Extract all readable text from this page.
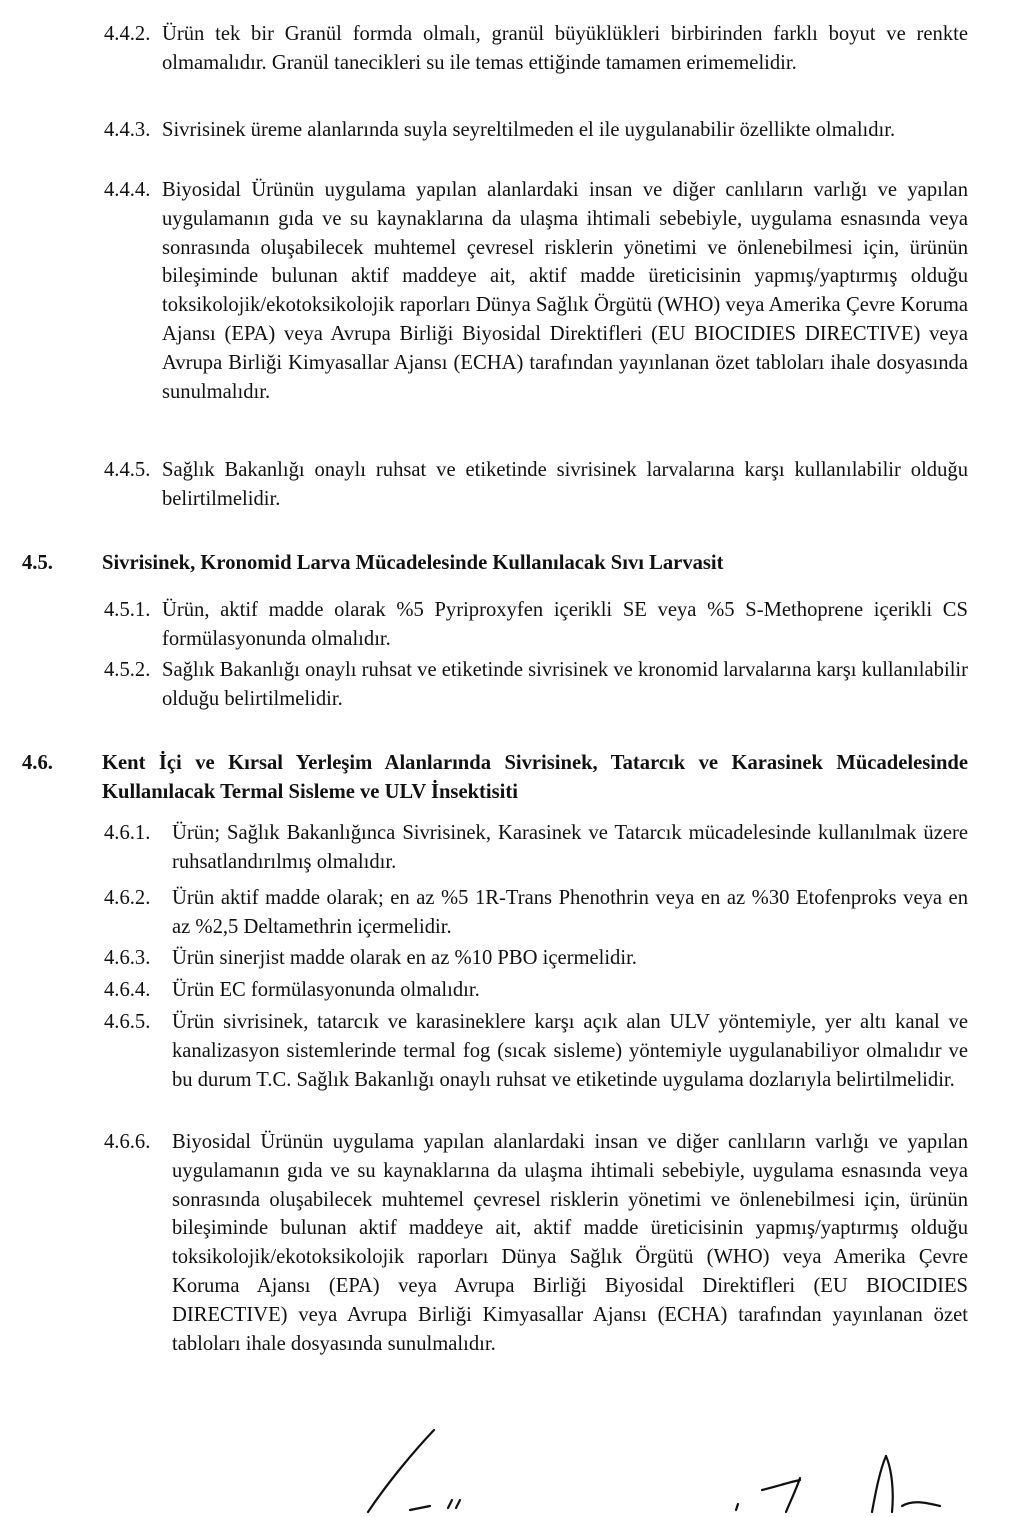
4.4.2. Ürün tek bir Granül formda olmalı, granül büyüklükleri birbirinden farklı boyut ve renkte olmamalıdır. Granül tanecikleri su ile temas ettiğinde tamamen erimemelidir.

4.4.3. Sivrisinek üreme alanlarında suyla seyreltilmeden el ile uygulanabilir özellikte olmalıdır.

4.4.4. Biyosidal Ürünün uygulama yapılan alanlardaki insan ve diğer canlıların varlığı ve yapılan uygulamanın gıda ve su kaynaklarına da ulaşma ihtimali sebebiyle, uygulama esnasında veya sonrasında oluşabilecek muhtemel çevresel risklerin yönetimi ve önlenebilmesi için, ürünün bileşiminde bulunan aktif maddeye ait, aktif madde üreticisinin yapmış/yaptırmış olduğu toksikolojik/ekotoksikolojik raporları Dünya Sağlık Örgütü (WHO) veya Amerika Çevre Koruma Ajansı (EPA) veya Avrupa Birliği Biyosidal Direktifleri (EU BIOCIDIES DIRECTIVE) veya Avrupa Birliği Kimyasallar Ajansı (ECHA) tarafından yayınlanan özet tabloları ihale dosyasında sunulmalıdır.

4.4.5. Sağlık Bakanlığı onaylı ruhsat ve etiketinde sivrisinek larvalarına karşı kullanılabilir olduğu belirtilmelidir.

4.5. Sivrisinek, Kronomid Larva Mücadelesinde Kullanılacak Sıvı Larvasit

4.5.1. Ürün, aktif madde olarak %5 Pyriproxyfen içerikli SE veya %5 S-Methoprene içerikli CS formülasyonunda olmalıdır.

4.5.2. Sağlık Bakanlığı onaylı ruhsat ve etiketinde sivrisinek ve kronomid larvalarına karşı kullanılabilir olduğu belirtilmelidir.

4.6. Kent İçi ve Kırsal Yerleşim Alanlarında Sivrisinek, Tatarcık ve Karasinek Mücadelesinde Kullanılacak Termal Sisleme ve ULV İnsektisiti

4.6.1. Ürün; Sağlık Bakanlığınca Sivrisinek, Karasinek ve Tatarcık mücadelesinde kullanılmak üzere ruhsatlandırılmış olmalıdır.

4.6.2. Ürün aktif madde olarak; en az %5 1R-Trans Phenothrin veya en az %30 Etofenproks veya en az %2,5 Deltamethrin içermelidir.

4.6.3. Ürün sinerjist madde olarak en az %10 PBO içermelidir.

4.6.4. Ürün EC formülasyonunda olmalıdır.

4.6.5. Ürün sivrisinek, tatarcık ve karasineklere karşı açık alan ULV yöntemiyle, yer altı kanal ve kanalizasyon sistemlerinde termal fog (sıcak sisleme) yöntemiyle uygulanabiliyor olmalıdır ve bu durum T.C. Sağlık Bakanlığı onaylı ruhsat ve etiketinde uygulama dozlarıyla belirtilmelidir.

4.6.6. Biyosidal Ürünün uygulama yapılan alanlardaki insan ve diğer canlıların varlığı ve yapılan uygulamanın gıda ve su kaynaklarına da ulaşma ihtimali sebebiyle, uygulama esnasında veya sonrasında oluşabilecek muhtemel çevresel risklerin yönetimi ve önlenebilmesi için, ürünün bileşiminde bulunan aktif maddeye ait, aktif madde üreticisinin yapmış/yaptırmış olduğu toksikolojik/ekotoksikolojik raporları Dünya Sağlık Örgütü (WHO) veya Amerika Çevre Koruma Ajansı (EPA) veya Avrupa Birliği Biyosidal Direktifleri (EU BIOCIDIES DIRECTIVE) veya Avrupa Birliği Kimyasallar Ajansı (ECHA) tarafından yayınlanan özet tabloları ihale dosyasında sunulmalıdır.
